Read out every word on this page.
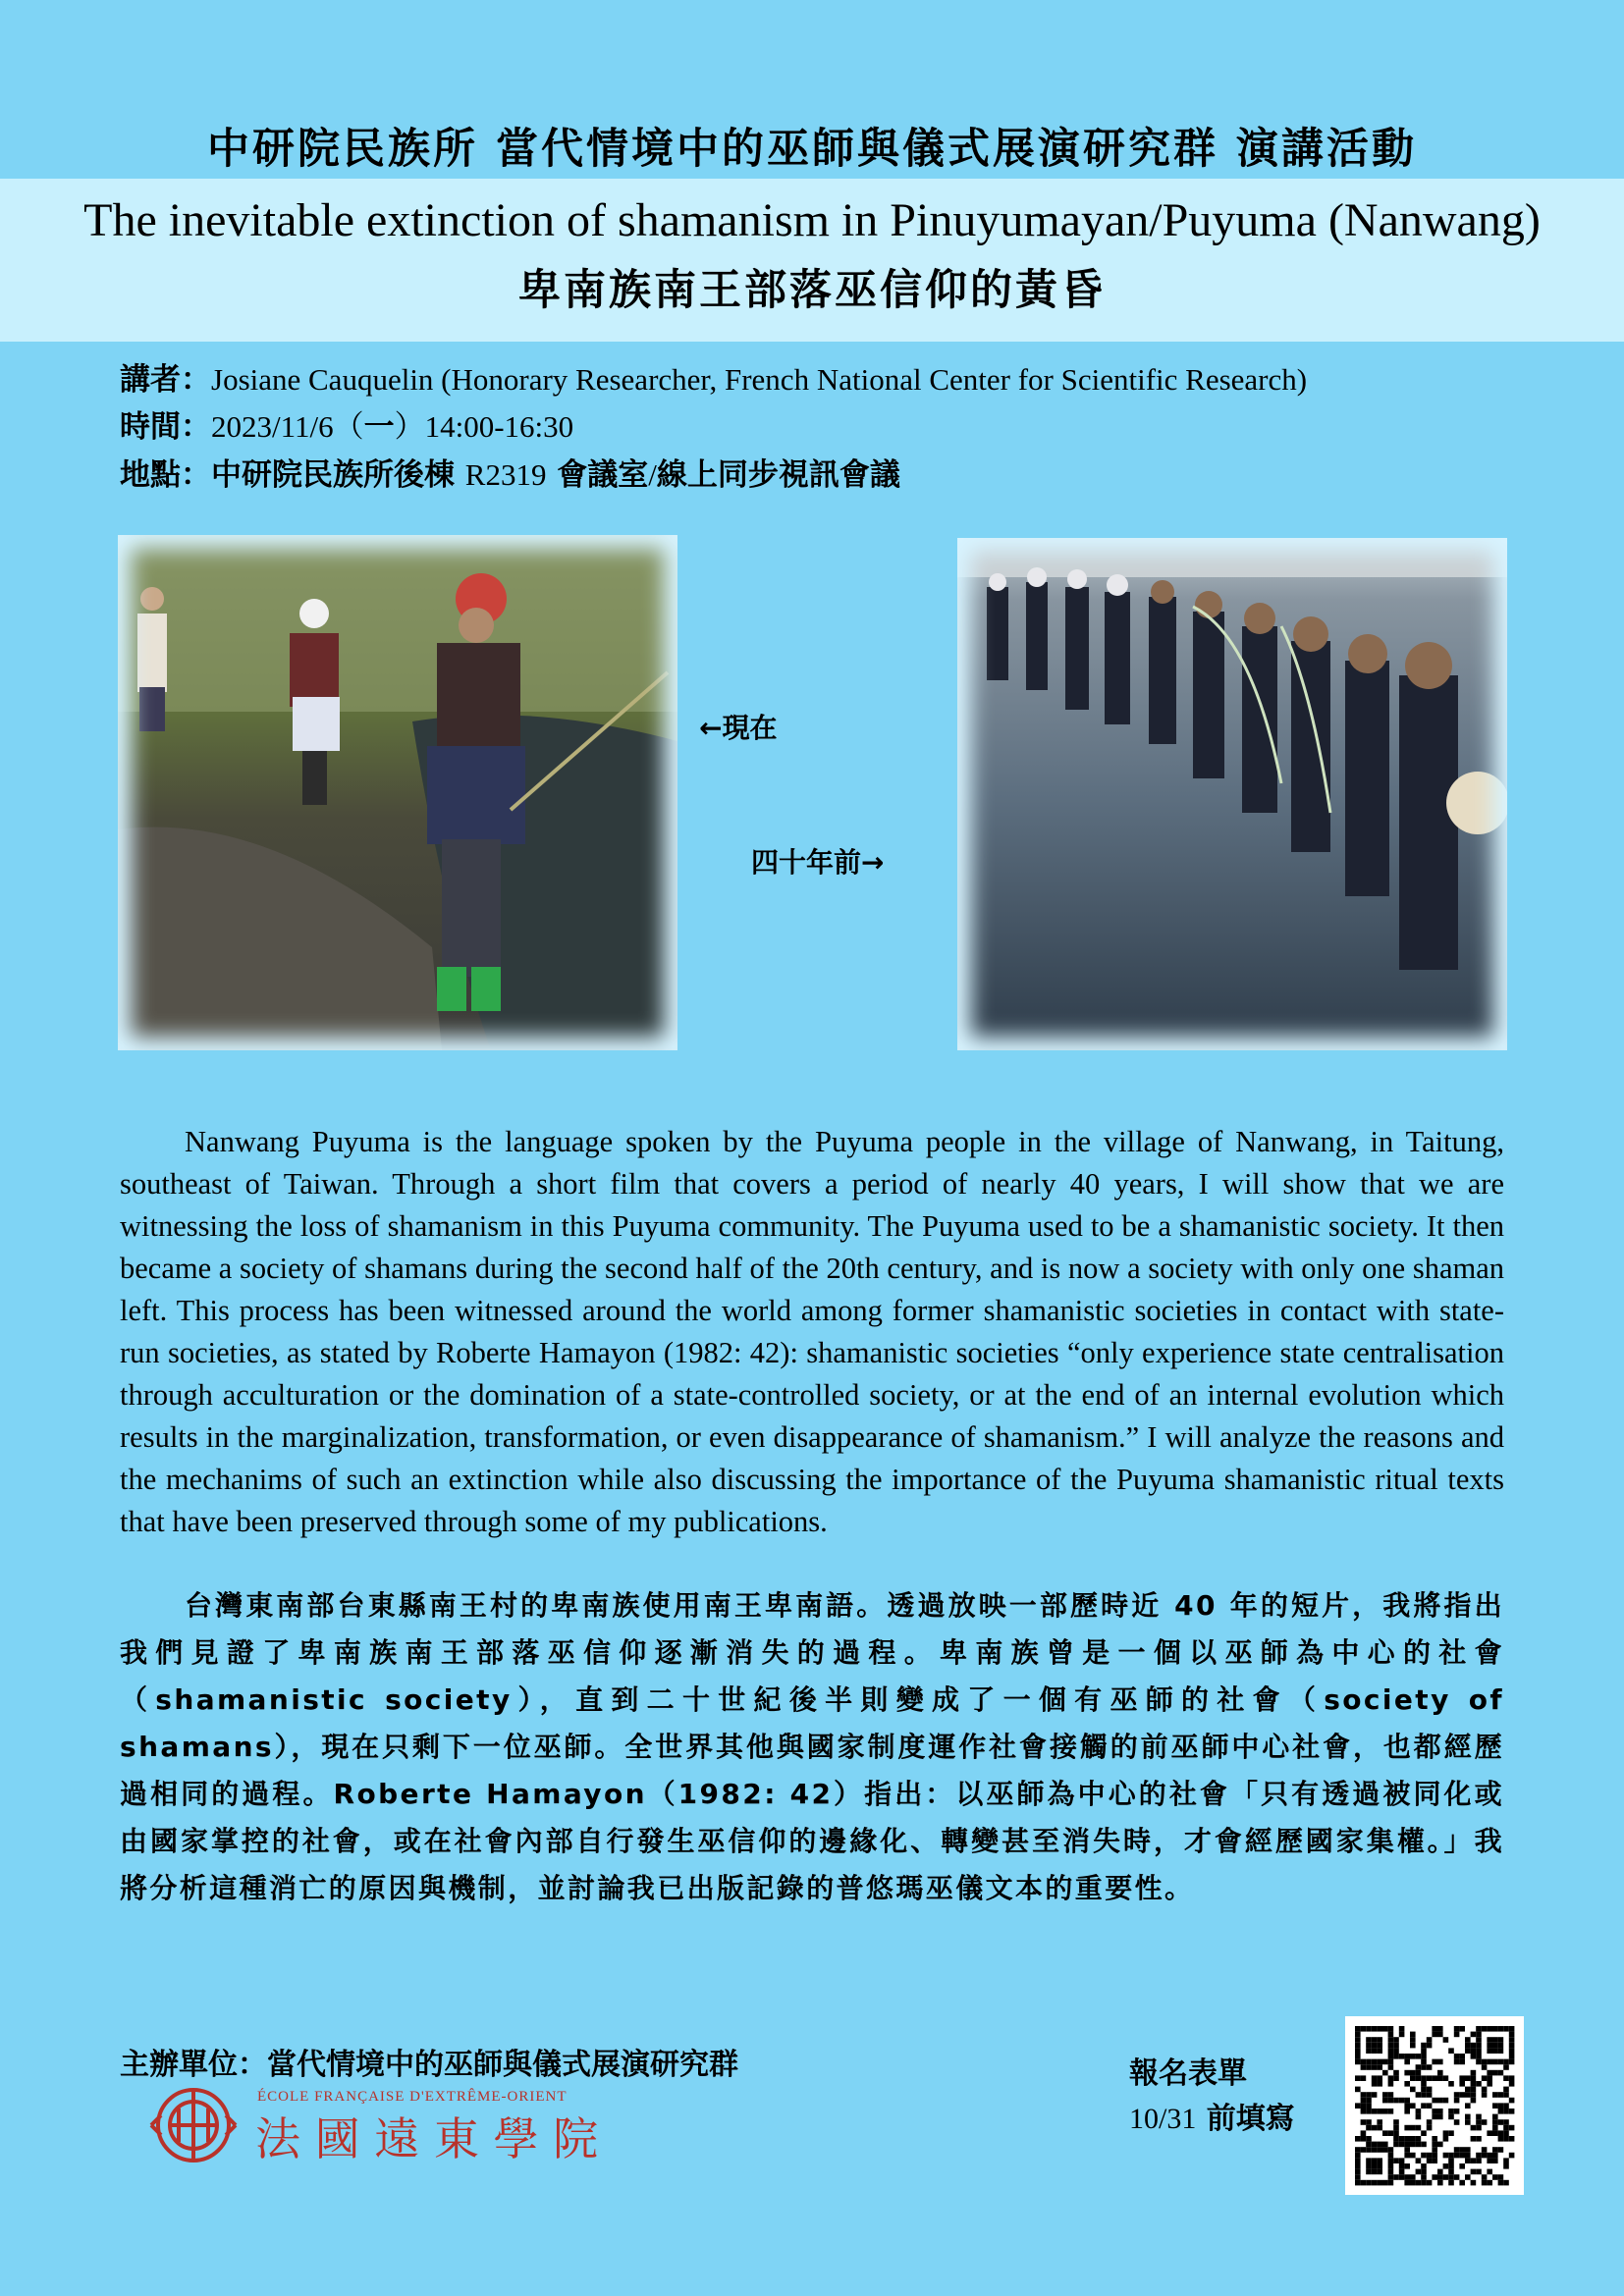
中研院民族所 當代情境中的巫師與儀式展演研究群 演講活動
The inevitable extinction of shamanism in Pinuyumayan/Puyuma (Nanwang)
卑南族南王部落巫信仰的黃昏
講者：Josiane Cauquelin (Honorary Researcher, French National Center for Scientific Research)
時間：2023/11/6（一）14:00-16:30
地點：中研院民族所後棟 R2319 會議室/線上同步視訊會議
←現在
四十年前→

Nanwang Puyuma is the language spoken by the Puyuma people in the village of Nanwang, in Taitung, southeast of Taiwan. Through a short film that covers a period of nearly 40 years, I will show that we are witnessing the loss of shamanism in this Puyuma community. The Puyuma used to be a shamanistic society. It then became a society of shamans during the second half of the 20th century, and is now a society with only one shaman left. This process has been witnessed around the world among former shamanistic societies in contact with state-run societies, as stated by Roberte Hamayon (1982: 42): shamanistic societies “only experience state centralisation through acculturation or the domination of a state-controlled society, or at the end of an internal evolution which results in the marginalization, transformation, or even disappearance of shamanism.” I will analyze the reasons and the mechanims of such an extinction while also discussing the importance of the Puyuma shamanistic ritual texts that have been preserved through some of my publications.

台灣東南部台東縣南王村的卑南族使用南王卑南語。透過放映一部歷時近 40 年的短片，我將指出我們見證了卑南族南王部落巫信仰逐漸消失的過程。卑南族曾是一個以巫師為中心的社會（shamanistic society），直到二十世紀後半則變成了一個有巫師的社會（society of shamans），現在只剩下一位巫師。全世界其他與國家制度運作社會接觸的前巫師中心社會，也都經歷過相同的過程。Roberte Hamayon（1982: 42）指出：以巫師為中心的社會「只有透過被同化或由國家掌控的社會，或在社會內部自行發生巫信仰的邊緣化、轉變甚至消失時，才會經歷國家集權。」我將分析這種消亡的原因與機制，並討論我已出版記錄的普悠瑪巫儀文本的重要性。

主辦單位：當代情境中的巫師與儀式展演研究群
ÉCOLE FRANÇAISE D'EXTRÊME-ORIENT
法 國 遠 東 學 院
報名表單
10/31 前填寫
